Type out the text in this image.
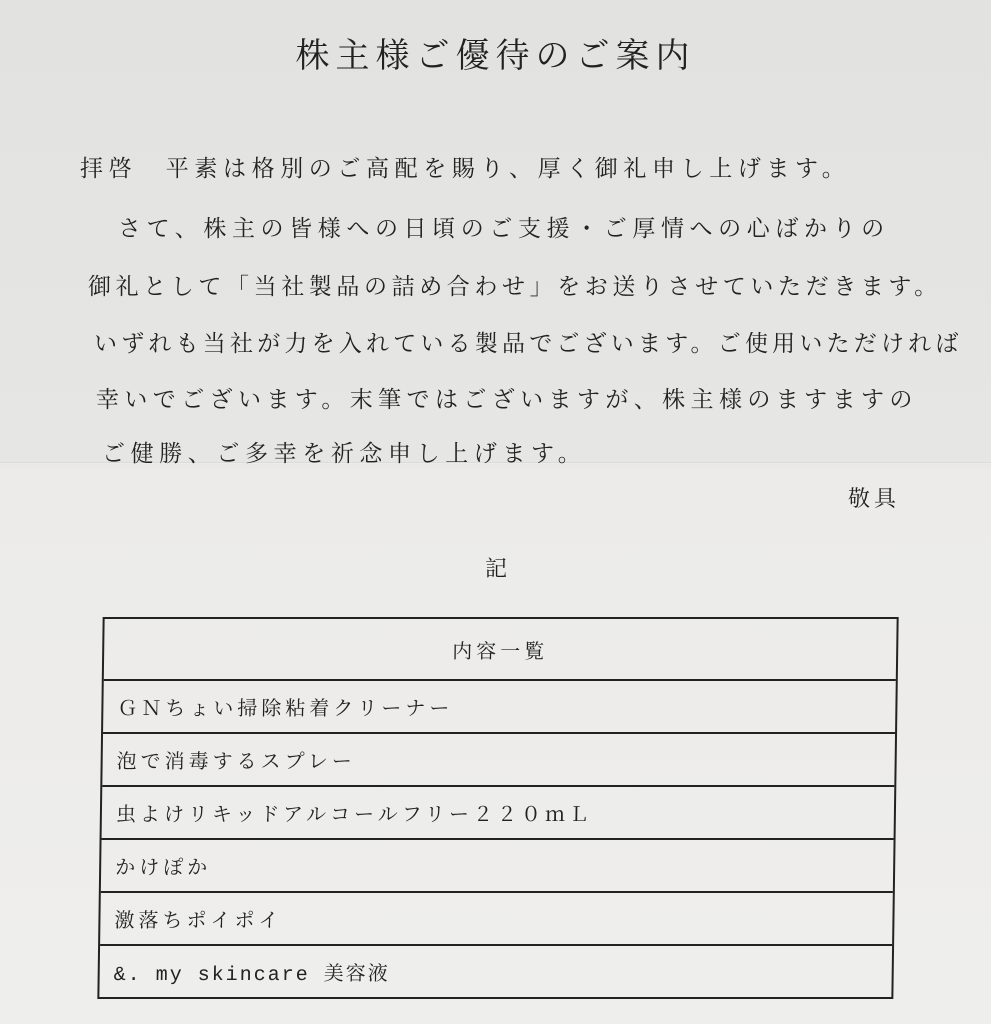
株主様ご優待のご案内
拝啓　平素は格別のご高配を賜り、厚く御礼申し上げます。
さて、株主の皆様への日頃のご支援・ご厚情への心ばかりの
御礼として「当社製品の詰め合わせ」をお送りさせていただきます。
いずれも当社が力を入れている製品でございます。ご使用いただければ
幸いでございます。末筆ではございますが、株主様のますますの
ご健勝、ご多幸を祈念申し上げます。
敬具
記
内容一覧
ＧＮちょい掃除粘着クリーナー
泡で消毒するスプレー
虫よけリキッドアルコールフリー２２０ｍＬ
かけぽか
激落ちポイポイ
&. my skincare 美容液
